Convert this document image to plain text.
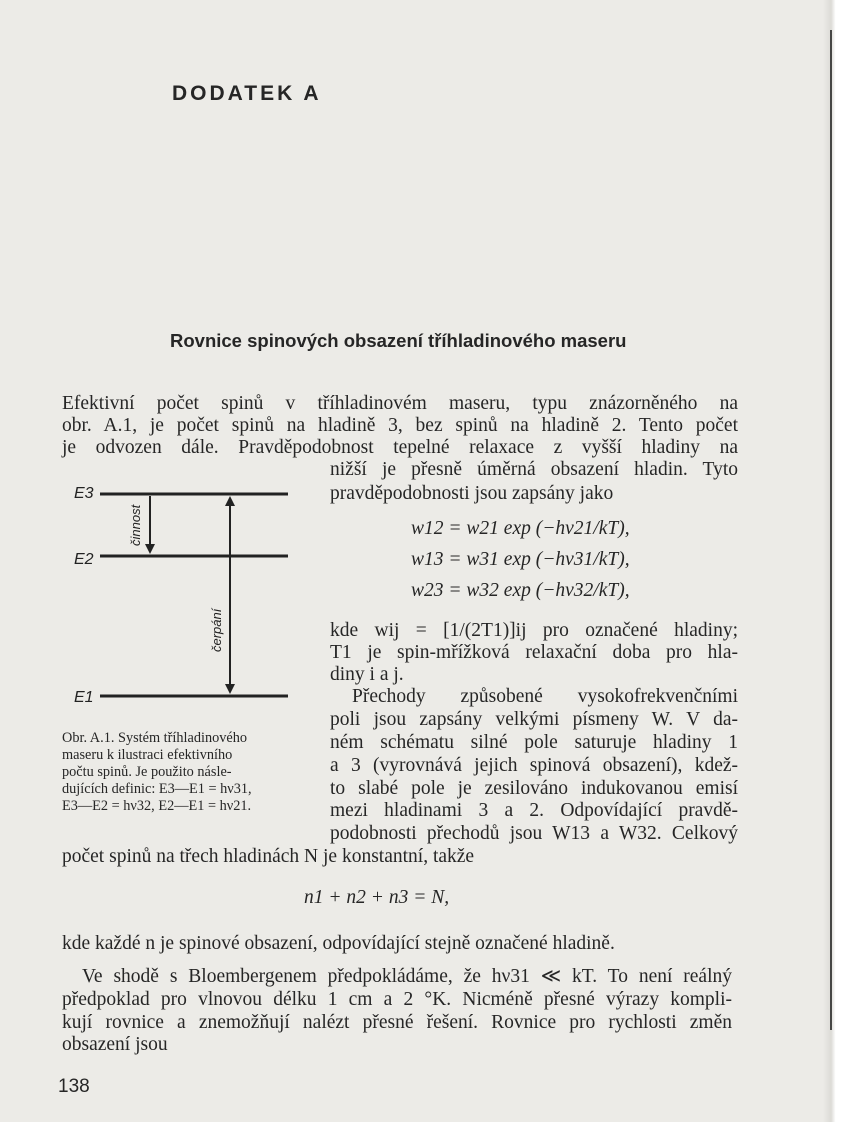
DODATEK A
Rovnice spinových obsazení tříhladinového maseru
Efektivní počet spinů v tříhladinovém maseru, typu znázorněného na
obr. A.1, je počet spinů na hladině 3, bez spinů na hladině 2. Tento počet
je odvozen dále. Pravděpodobnost tepelné relaxace z vyšší hladiny na
nižší je přesně úměrná obsazení hladin. Tyto
pravděpodobnosti jsou zapsány jako
w12 = w21 exp (−hν21/kT),
w13 = w31 exp (−hν31/kT),
w23 = w32 exp (−hν32/kT),
kde wij = [1/(2T1)]ij pro označené hladiny;
T1 je spin-mřížková relaxační doba pro hla-
diny i a j.
Přechody způsobené vysokofrekvenčními
poli jsou zapsány velkými písmeny W. V da-
ném schématu silné pole saturuje hladiny 1
a 3 (vyrovnává jejich spinová obsazení), kdež-
to slabé pole je zesilováno indukovanou emisí
mezi hladinami 3 a 2. Odpovídající pravdě-
podobnosti přechodů jsou W13 a W32. Celkový
počet spinů na třech hladinách N je konstantní, takže
n1 + n2 + n3 = N,
kde každé n je spinové obsazení, odpovídající stejně označené hladině.
Ve shodě s Bloembergenem předpokládáme, že hν31 ≪ kT. To není reálný
předpoklad pro vlnovou délku 1 cm a 2 °K. Nicméně přesné výrazy kompli-
kují rovnice a znemožňují nalézt přesné řešení. Rovnice pro rychlosti změn
obsazení jsou
E3
E2
E1
činnost
čerpání
Obr. A.1. Systém tříhladinového
maseru k ilustraci efektivního
počtu spinů. Je použito násle-
dujících definic: E3—E1 = hν31,
E3—E2 = hν32, E2—E1 = hν21.
138
